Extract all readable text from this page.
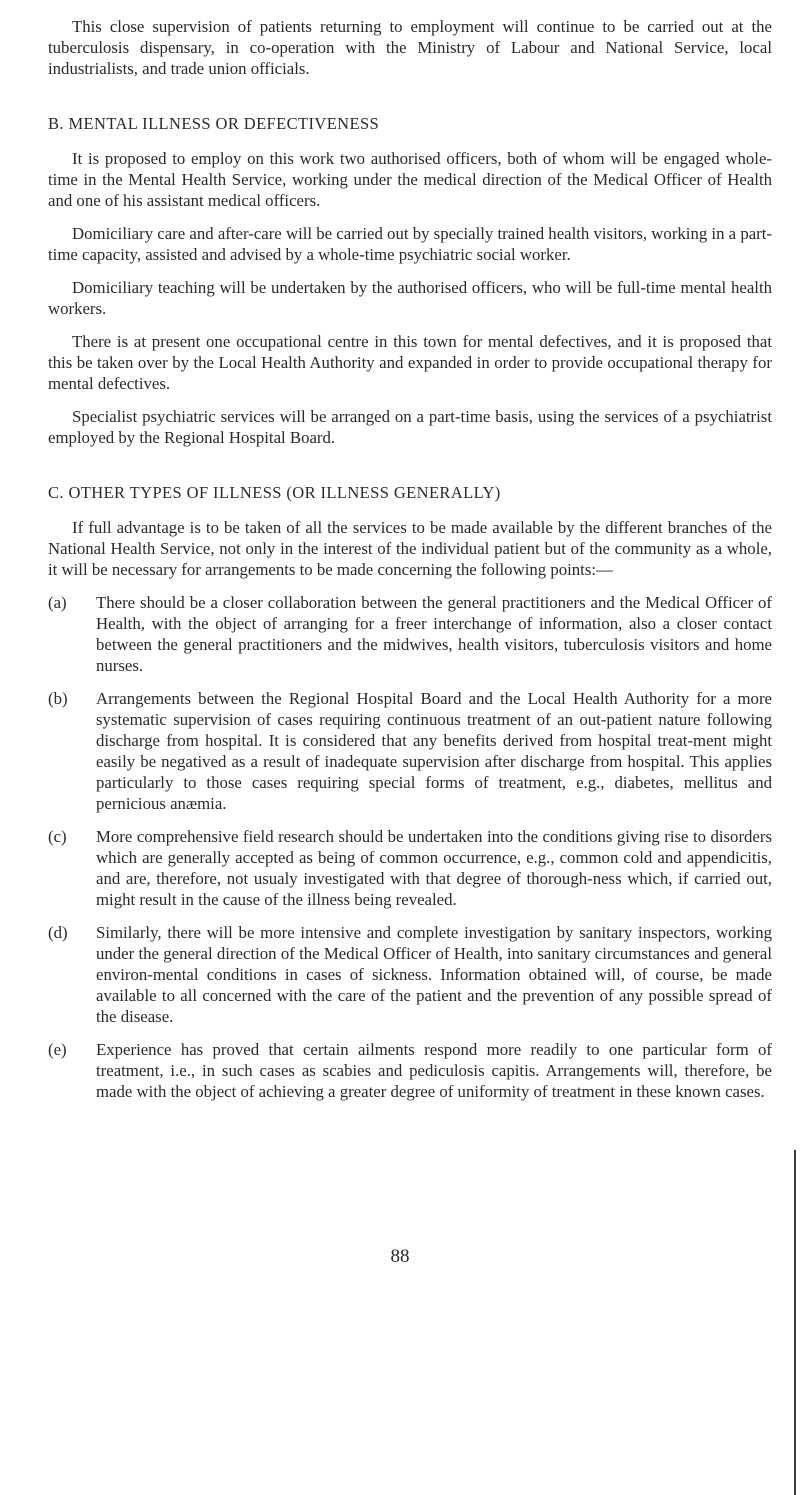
This close supervision of patients returning to employment will continue to be carried out at the tuberculosis dispensary, in co-operation with the Ministry of Labour and National Service, local industrialists, and trade union officials.

B. MENTAL ILLNESS OR DEFECTIVENESS

It is proposed to employ on this work two authorised officers, both of whom will be engaged whole-time in the Mental Health Service, working under the medical direction of the Medical Officer of Health and one of his assistant medical officers.

Domiciliary care and after-care will be carried out by specially trained health visitors, working in a part-time capacity, assisted and advised by a whole-time psychiatric social worker.

Domiciliary teaching will be undertaken by the authorised officers, who will be full-time mental health workers.

There is at present one occupational centre in this town for mental defectives, and it is proposed that this be taken over by the Local Health Authority and expanded in order to provide occupational therapy for mental defectives.

Specialist psychiatric services will be arranged on a part-time basis, using the services of a psychiatrist employed by the Regional Hospital Board.

C. OTHER TYPES OF ILLNESS (OR ILLNESS GENERALLY)

If full advantage is to be taken of all the services to be made available by the different branches of the National Health Service, not only in the interest of the individual patient but of the community as a whole, it will be necessary for arrangements to be made concerning the following points:—

(a)	There should be a closer collaboration between the general practitioners and the Medical Officer of Health, with the object of arranging for a freer interchange of information, also a closer contact between the general practitioners and the midwives, health visitors, tuberculosis visitors and home nurses.
(b)	Arrangements between the Regional Hospital Board and the Local Health Authority for a more systematic supervision of cases requiring continuous treatment of an out-patient nature following discharge from hospital. It is considered that any benefits derived from hospital treat-ment might easily be negatived as a result of inadequate supervision after discharge from hospital. This applies particularly to those cases requiring special forms of treatment, e.g., diabetes, mellitus and pernicious anæmia.
(c)	More comprehensive field research should be undertaken into the conditions giving rise to disorders which are generally accepted as being of common occurrence, e.g., common cold and appendicitis, and are, therefore, not usualy investigated with that degree of thorough-ness which, if carried out, might result in the cause of the illness being revealed.
(d)	Similarly, there will be more intensive and complete investigation by sanitary inspectors, working under the general direction of the Medical Officer of Health, into sanitary circumstances and general environ-mental conditions in cases of sickness. Information obtained will, of course, be made available to all concerned with the care of the patient and the prevention of any possible spread of the disease.
(e)	Experience has proved that certain ailments respond more readily to one particular form of treatment, i.e., in such cases as scabies and pediculosis capitis. Arrangements will, therefore, be made with the object of achieving a greater degree of uniformity of treatment in these known cases.
88
